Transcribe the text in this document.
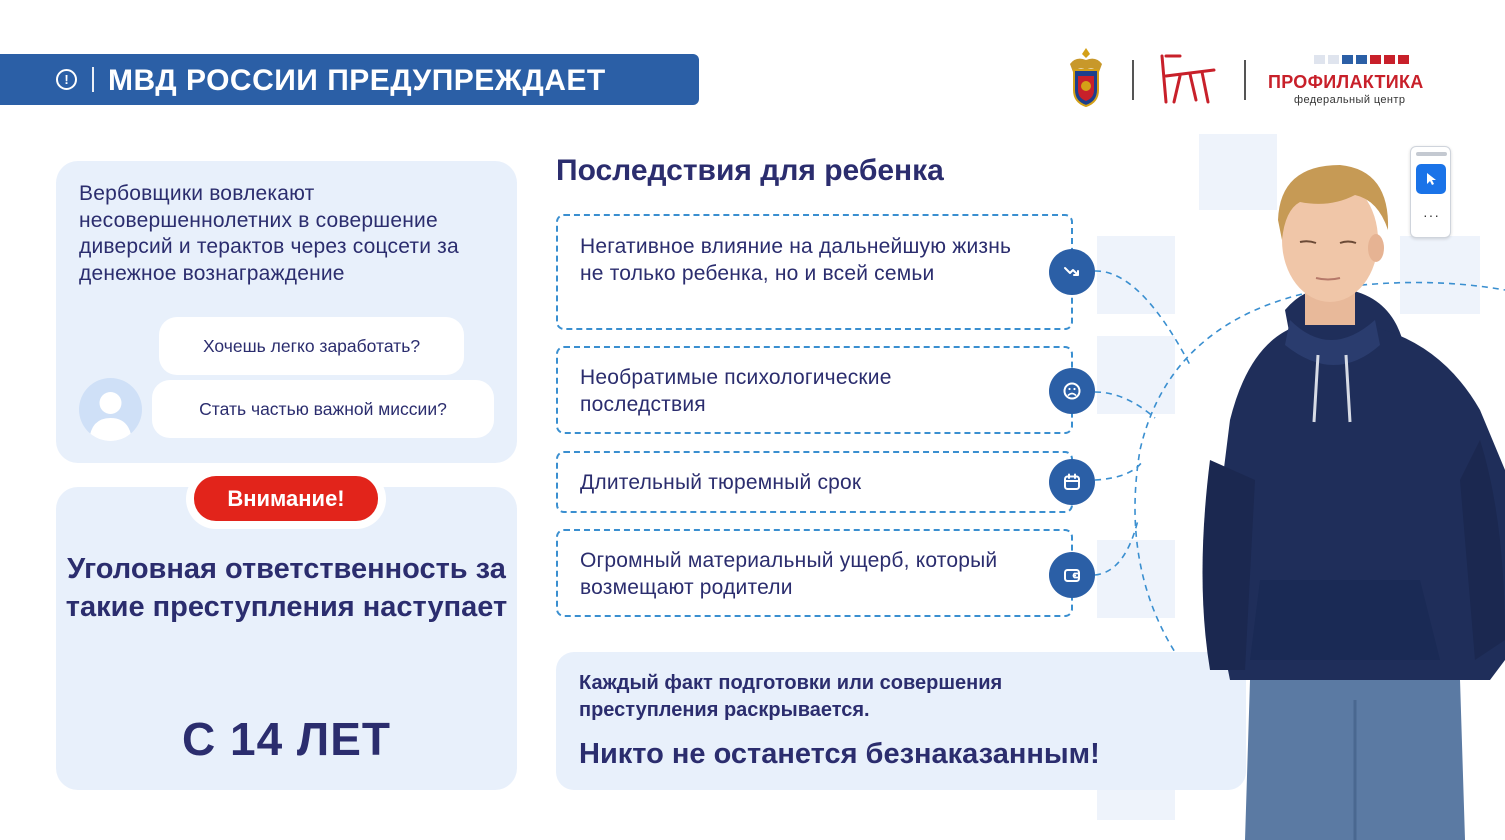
! МВД РОССИИ ПРЕДУПРЕЖДАЕТ	ПРОФИЛАКТИКА
федеральный центр
Вербовщики вовлекают несовершеннолетних в совершение диверсий и терактов через соцсети за денежное вознаграждение
Хочешь легко заработать?
Стать частью важной миссии?
Внимание!
Уголовная ответственность за такие преступления наступает
С 14 ЛЕТ
Последствия для ребенка
Негативное влияние на дальнейшую жизнь не только ребенка, но и всей семьи
Необратимые психологические последствия
Длительный тюремный срок
Огромный материальный ущерб, который возмещают родители
Каждый факт подготовки или совершения преступления раскрывается.
Никто не останется безнаказанным!
···
